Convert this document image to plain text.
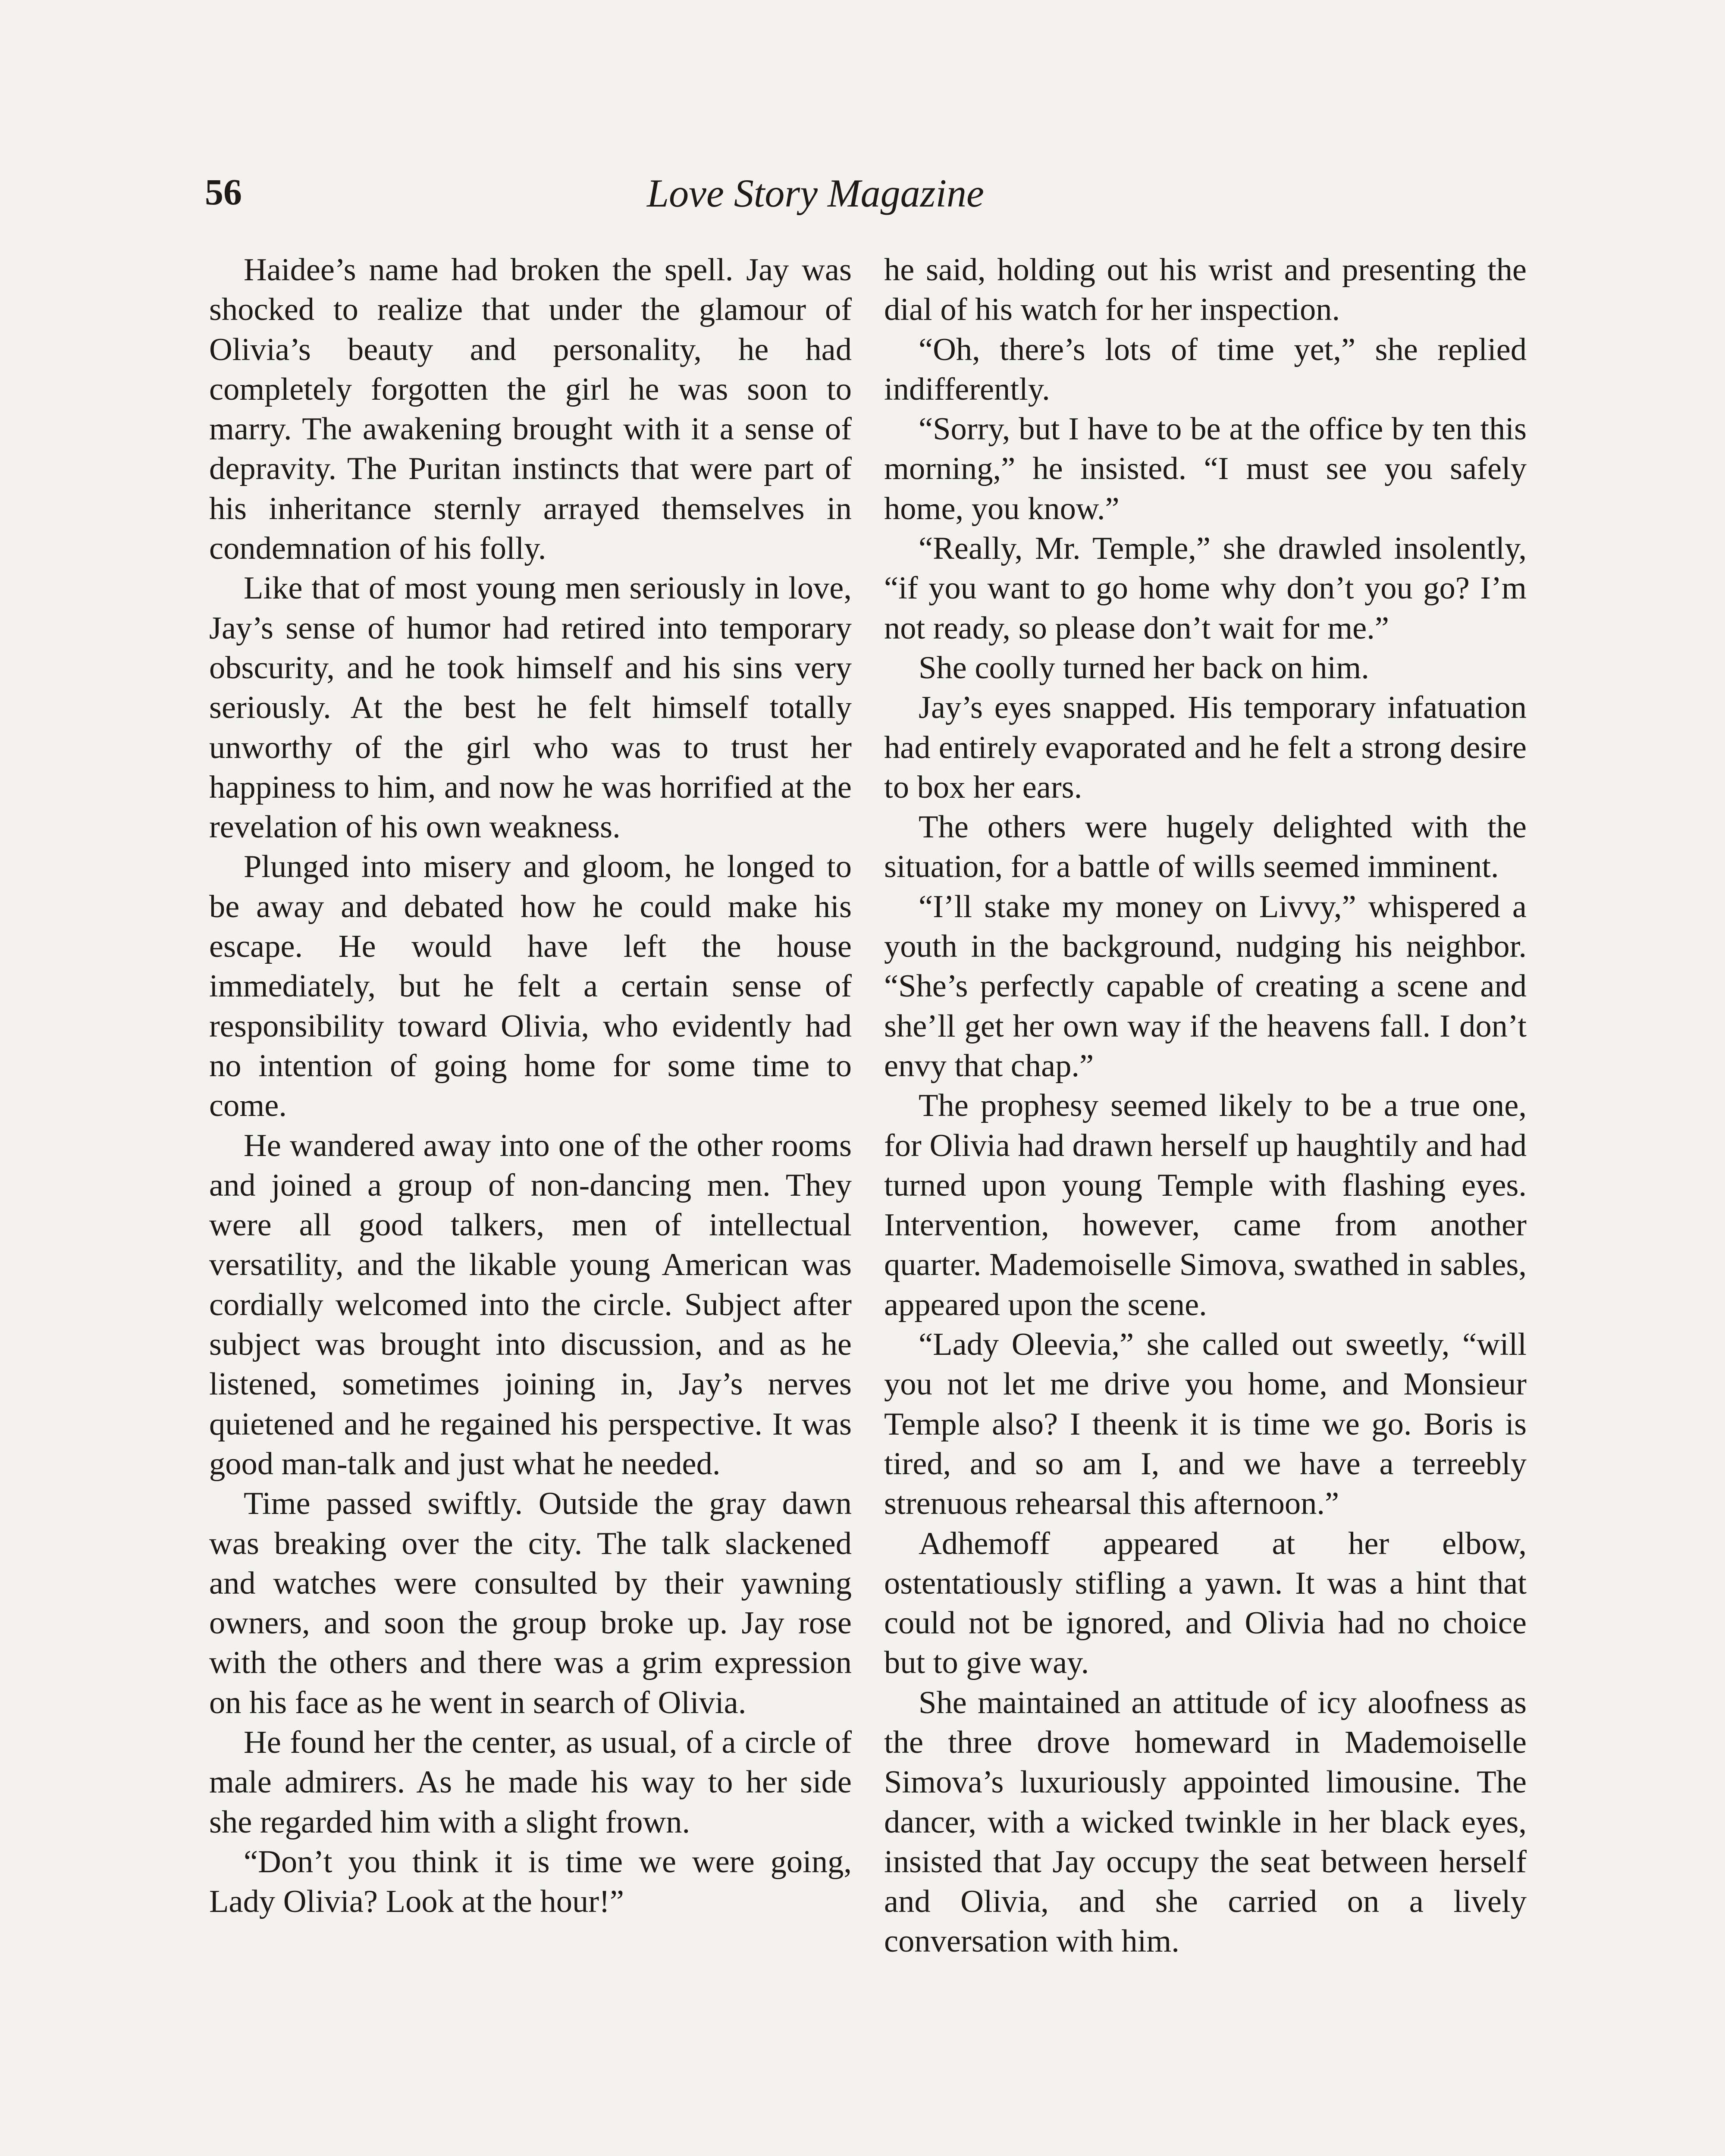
56	Love Story Magazine

Haidee’s name had broken the spell. Jay was shocked to realize that under the glamour of Olivia’s beauty and personality, he had completely forgotten the girl he was soon to marry. The awakening brought with it a sense of depravity. The Puritan instincts that were part of his inheritance sternly arrayed themselves in condemnation of his folly.

Like that of most young men seriously in love, Jay’s sense of humor had retired into temporary obscurity, and he took himself and his sins very seriously. At the best he felt himself totally unworthy of the girl who was to trust her happiness to him, and now he was horrified at the revelation of his own weakness.

Plunged into misery and gloom, he longed to be away and debated how he could make his escape. He would have left the house immediately, but he felt a certain sense of responsibility toward Olivia, who evidently had no intention of going home for some time to come.

He wandered away into one of the other rooms and joined a group of non-dancing men. They were all good talkers, men of intellectual versatility, and the likable young American was cordially welcomed into the circle. Subject after subject was brought into discussion, and as he listened, sometimes joining in, Jay’s nerves quietened and he regained his perspective. It was good man-talk and just what he needed.

Time passed swiftly. Outside the gray dawn was breaking over the city. The talk slackened and watches were consulted by their yawning owners, and soon the group broke up. Jay rose with the others and there was a grim expression on his face as he went in search of Olivia.

He found her the center, as usual, of a circle of male admirers. As he made his way to her side she regarded him with a slight frown.

“Don’t you think it is time we were going, Lady Olivia? Look at the hour!”

he said, holding out his wrist and presenting the dial of his watch for her inspection.

“Oh, there’s lots of time yet,” she replied indifferently.

“Sorry, but I have to be at the office by ten this morning,” he insisted. “I must see you safely home, you know.”

“Really, Mr. Temple,” she drawled insolently, “if you want to go home why don’t you go? I’m not ready, so please don’t wait for me.”

She coolly turned her back on him.

Jay’s eyes snapped. His temporary infatuation had entirely evaporated and he felt a strong desire to box her ears.

The others were hugely delighted with the situation, for a battle of wills seemed imminent.

“I’ll stake my money on Livvy,” whispered a youth in the background, nudging his neighbor. “She’s perfectly capable of creating a scene and she’ll get her own way if the heavens fall. I don’t envy that chap.”

The prophesy seemed likely to be a true one, for Olivia had drawn herself up haughtily and had turned upon young Temple with flashing eyes. Intervention, however, came from another quarter. Mademoiselle Simova, swathed in sables, appeared upon the scene.

“Lady Oleevia,” she called out sweetly, “will you not let me drive you home, and Monsieur Temple also? I theenk it is time we go. Boris is tired, and so am I, and we have a terreebly strenuous rehearsal this afternoon.”

Adhemoff appeared at her elbow, ostentatiously stifling a yawn. It was a hint that could not be ignored, and Olivia had no choice but to give way.

She maintained an attitude of icy aloofness as the three drove homeward in Mademoiselle Simova’s luxuriously appointed limousine. The dancer, with a wicked twinkle in her black eyes, insisted that Jay occupy the seat between herself and Olivia, and she carried on a lively conversation with him.
